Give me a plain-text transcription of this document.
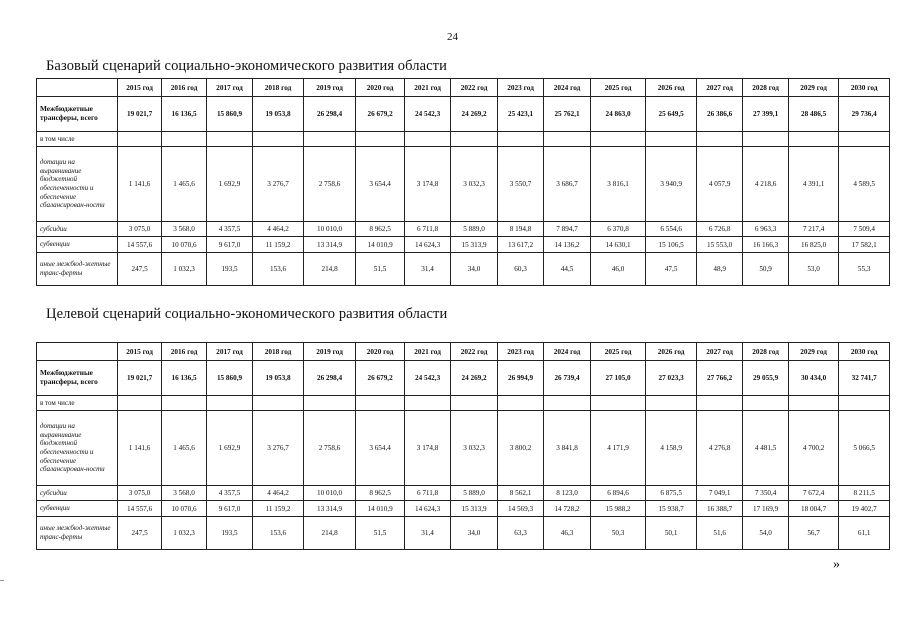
24
Базовый сценарий социально-экономического развития области
	2015 год	2016 год	2017 год	2018 год	2019 год	2020 год	2021 год	2022 год	2023 год	2024 год	2025 год	2026 год	2027 год	2028 год	2029 год	2030 год
Межбюджетные трансферы, всего	19 021,7	16 136,5	15 860,9	19 053,8	26 298,4	26 679,2	24 542,3	24 269,2	25 423,1	25 762,1	24 863,0	25 649,5	26 386,6	27 399,1	28 486,5	29 736,4
в том числе																
дотации на выравнивание бюджетной обеспеченности и обеспечение сбалансирован-ности	1 141,6	1 465,6	1 692,9	3 276,7	2 758,6	3 654,4	3 174,8	3 032,3	3 550,7	3 686,7	3 816,1	3 940,9	4 057,9	4 218,6	4 391,1	4 589,5
субсидии	3 075,0	3 568,0	4 357,5	4 464,2	10 010,0	8 962,5	6 711,8	5 889,0	8 194,8	7 894,7	6 370,8	6 554,6	6 726,8	6 963,3	7 217,4	7 509,4
субвенции	14 557,6	10 070,6	9 617,0	11 159,2	13 314,9	14 010,9	14 624,3	15 313,9	13 617,2	14 136,2	14 630,1	15 106,5	15 553,0	16 166,3	16 825,0	17 582,1
иные межбюд-жетные транс-ферты	247,5	1 032,3	193,5	153,6	214,8	51,5	31,4	34,0	60,3	44,5	46,0	47,5	48,9	50,9	53,0	55,3
Целевой сценарий социально-экономического развития области
	2015 год	2016 год	2017 год	2018 год	2019 год	2020 год	2021 год	2022 год	2023 год	2024 год	2025 год	2026 год	2027 год	2028 год	2029 год	2030 год
Межбюджетные трансферы, всего	19 021,7	16 136,5	15 860,9	19 053,8	26 298,4	26 679,2	24 542,3	24 269,2	26 994,9	26 739,4	27 105,0	27 023,3	27 766,2	29 055,9	30 434,0	32 741,7
в том числе																
дотации на выравнивание бюджетной обеспеченности и обеспечение сбалансирован-ности	1 141,6	1 465,6	1 692,9	3 276,7	2 758,6	3 654,4	3 174,8	3 032,3	3 800,2	3 841,8	4 171,9	4 158,9	4 276,8	4 481,5	4 700,2	5 066,5
субсидии	3 075,0	3 568,0	4 357,5	4 464,2	10 010,0	8 962,5	6 711,8	5 889,0	8 562,1	8 123,0	6 894,6	6 875,5	7 049,1	7 350,4	7 672,4	8 211,5
субвенции	14 557,6	10 070,6	9 617,0	11 159,2	13 314,9	14 010,9	14 624,3	15 313,9	14 569,3	14 728,2	15 988,2	15 938,7	16 388,7	17 169,9	18 004,7	19 402,7
иные межбюд-жетные транс-ферты	247,5	1 032,3	193,5	153,6	214,8	51,5	31,4	34,0	63,3	46,3	50,3	50,1	51,6	54,0	56,7	61,1
»
